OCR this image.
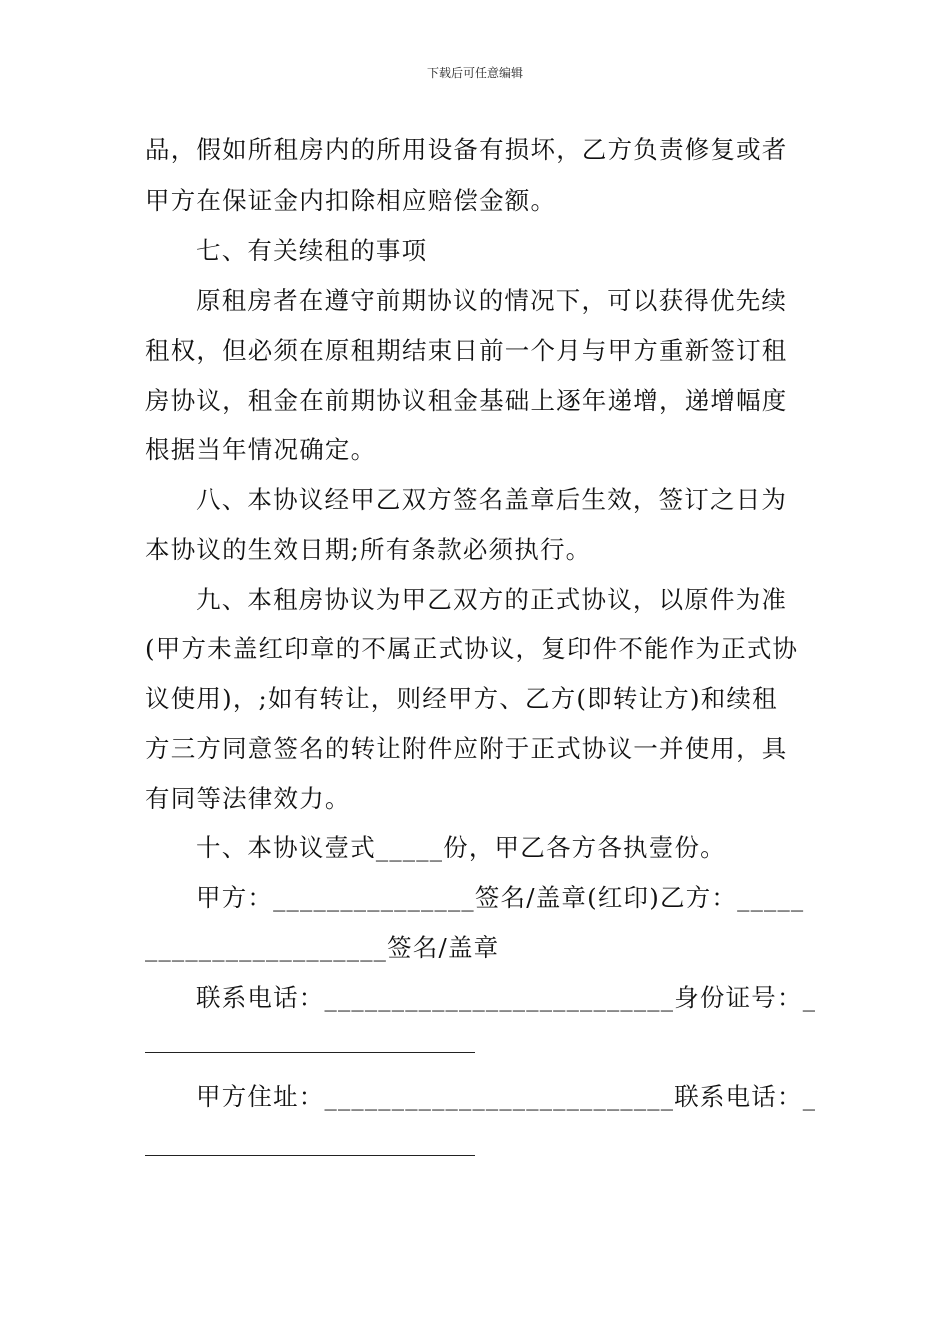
下载后可任意编辑
品，假如所租房内的所用设备有损坏，乙方负责修复或者
甲方在保证金内扣除相应赔偿金额。
七、有关续租的事项
原租房者在遵守前期协议的情况下，可以获得优先续
租权，但必须在原租期结束日前一个月与甲方重新签订租
房协议，租金在前期协议租金基础上逐年递增，递增幅度
根据当年情况确定。
八、本协议经甲乙双方签名盖章后生效，签订之日为
本协议的生效日期;所有条款必须执行。
九、本租房协议为甲乙双方的正式协议，以原件为准
(甲方未盖红印章的不属正式协议，复印件不能作为正式协
议使用)，;如有转让，则经甲方、乙方(即转让方)和续租
方三方同意签名的转让附件应附于正式协议一并使用，具
有同等法律效力。
十、本协议壹式_____份，甲乙各方各执壹份。
甲方：_______________签名/盖章(红印)乙方：_____
__________________签名/盖章
联系电话：__________________________身份证号：_
甲方住址：__________________________联系电话：_
